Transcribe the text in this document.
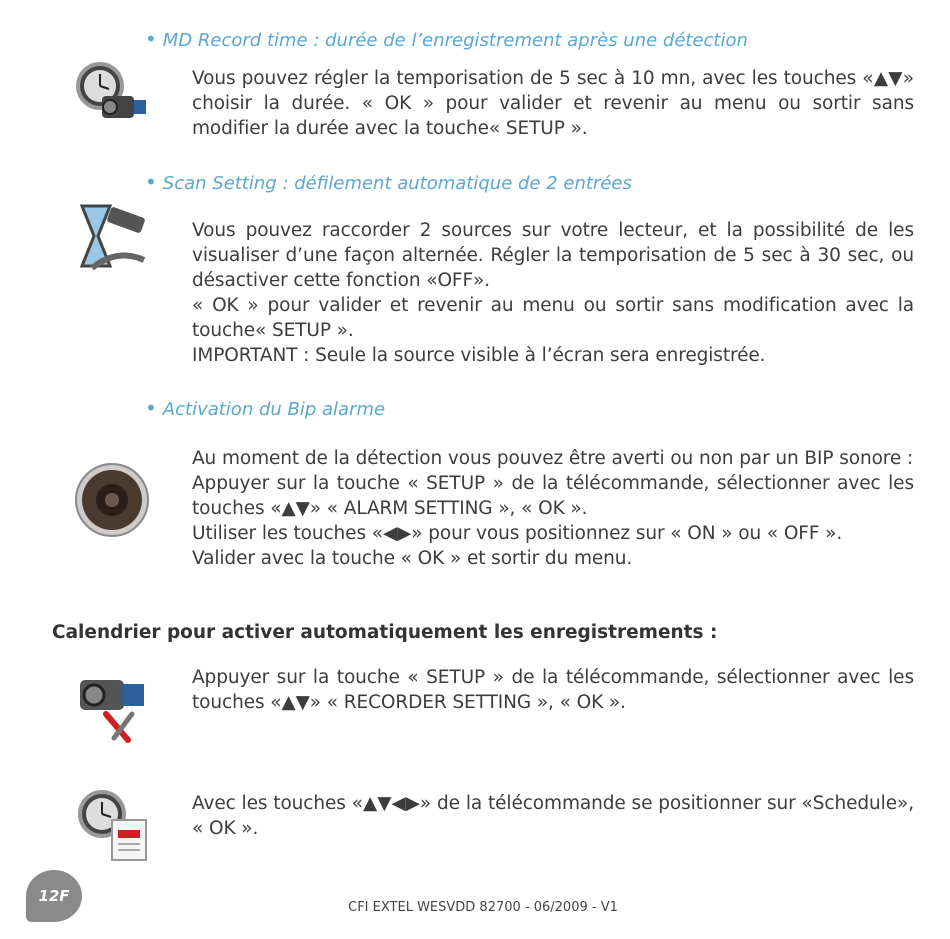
• MD Record time : durée de l’enregistrement après une détection

Vous pouvez régler la temporisation de 5 sec à 10 mn, avec les touches «▲▼» choisir la durée. « OK » pour valider et revenir au menu ou sortir sans modifier la durée avec la touche« SETUP ».

• Scan Setting : défilement automatique de 2 entrées

Vous pouvez raccorder 2 sources sur votre lecteur, et la possibilité de les visualiser d’une façon alternée. Régler la temporisation de 5 sec à 30 sec, ou désactiver cette fonction «OFF».

« OK » pour valider et revenir au menu ou sortir sans modification avec la touche« SETUP ».

IMPORTANT : Seule la source visible à l’écran sera enregistrée.

• Activation du Bip alarme

Au moment de la détection vous pouvez être averti ou non par un BIP sonore :

Appuyer sur la touche « SETUP » de la télécommande, sélectionner avec les touches «▲▼» « ALARM SETTING », « OK ».

Utiliser les touches «◀▶» pour vous positionnez sur « ON » ou « OFF ».

Valider avec la touche « OK » et sortir du menu.

Calendrier pour activer automatiquement les enregistrements :

Appuyer sur la touche « SETUP » de la télécommande, sélectionner avec les touches «▲▼» « RECORDER SETTING », « OK ».

Avec les touches «▲▼◀▶» de la télécommande se positionner sur «Schedule», « OK ».

12F
CFI EXTEL WESVDD 82700 - 06/2009 - V1
